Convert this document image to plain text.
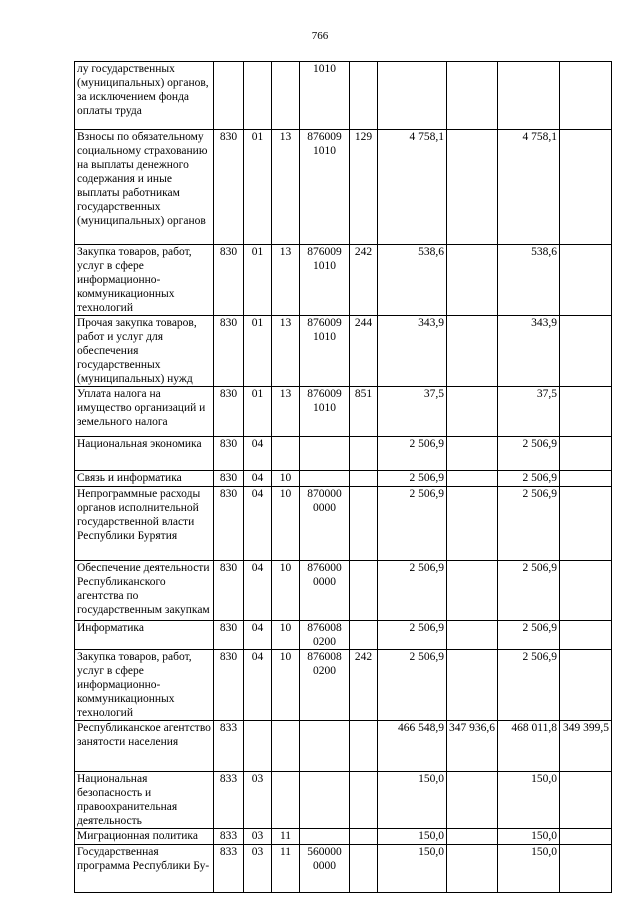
766
лу государственных (муниципальных) органов, за исключением фонда оплаты труда				1010					
Взносы по обязательному социальному страхованию на выплаты денежного содержания и иные выплаты работникам государственных (муниципальных) органов	830	01	13	876009 1010	129	4 758,1		4 758,1	
Закупка товаров, работ, услуг в сфере информационно-коммуникационных технологий	830	01	13	876009 1010	242	538,6		538,6	
Прочая закупка товаров, работ и услуг для обеспечения государственных (муниципальных) нужд	830	01	13	876009 1010	244	343,9		343,9	
Уплата налога на имущество организаций и земельного налога	830	01	13	876009 1010	851	37,5		37,5	
Национальная экономика	830	04				2 506,9		2 506,9	
Связь и информатика	830	04	10			2 506,9		2 506,9	
Непрограммные расходы органов исполнительной государственной власти Республики Бурятия	830	04	10	870000 0000		2 506,9		2 506,9	
Обеспечение деятельности Республиканского агентства по государственным закупкам	830	04	10	876000 0000		2 506,9		2 506,9	
Информатика	830	04	10	876008 0200		2 506,9		2 506,9	
Закупка товаров, работ, услуг в сфере информационно-коммуникационных технологий	830	04	10	876008 0200	242	2 506,9		2 506,9	
Республиканское агентство занятости населения	833					466 548,9	347 936,6	468 011,8	349 399,5
Национальная безопасность и правоохранительная деятельность	833	03				150,0		150,0	
Миграционная политика	833	03	11			150,0		150,0	
Государственная программа Республики Бу-	833	03	11	560000 0000		150,0		150,0	
